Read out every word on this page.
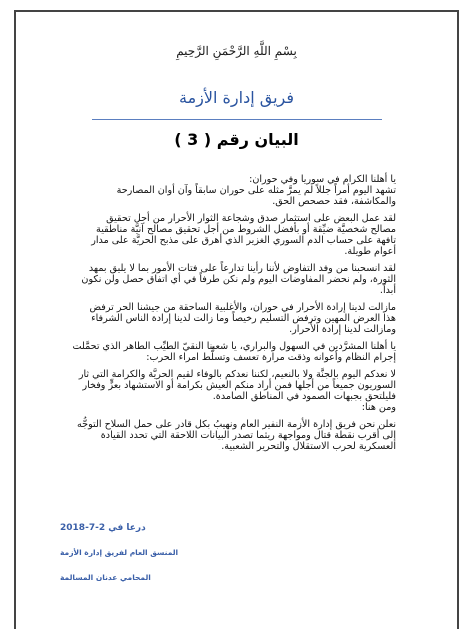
بِسْمِ اللَّهِ الرَّحْمَنِ الرَّحِيمِ
فريق إدارة الأزمة
البيان رقم ( 3 )

يا أهلنا الكرام في سوريا وفي حوران:
تشهد اليوم أمراً جللاً لم يمرَّ مثله على حوران سابقاً وآن أوان المصارحة
والمكاشفة، فقد حصحص الحق.

لقد عمل البعض على استثمار صدق وشجاعة الثوار الأحرار من أجل تحقيق
مصالح شخصيَّة ضيِّقة أو بأفضل الشروط من أجل تحقيق مصالح آنيَّة مناطقية
تافهة على حساب الدم السوري الغزير الذي أهرق على مذبح الحريَّة على مدار
أعوام طويلة.

لقد انسحبنا من وفد التفاوض لأننا رأينا تدارعاً على فتات الأمور بما لا يليق بمهد
الثورة، ولم نحضر المفاوضات اليوم ولم نكن طرفاً في أي اتفاق حصل ولن نكون
أبداً.

مازالت لدينا إرادة الأحرار في حوران، والأغلبية الساحقة من جيشنا الحر ترفض
هذا العرض المهين وترفض التسليم رخيصاً وما زالت لدينا إرادة الناس الشرفاء
ومازالت لدينا إرادة الأحرار.

يا أهلنا المشرَّدين في السهول والبراري، يا شعبنا النقيّ الطيِّب الطاهر الذي تحمَّلت
إجرام النظام وأعوانه وذقت مرارة تعسف وتسلُّط امراء الحرب:

لا نعدكم اليوم بالجنَّة ولا بالنعيم، لكننا نعدكم بالوفاء لقيم الحريَّة والكرامة التي ثار
السوريون جميعاً من أجلها فمن أراد منكم العيش بكرامة أو الاستشهاد بعزٍّ وفخار
فليلتحق بجبهات الصمود في المناطق الصامدة.
ومن هنا:

نعلن نحن فريق إدارة الأزمة النفير العام ونهيبُ بكل قادر على حمل السلاح التوجُّه
إلى أقرب نقطة قتال ومواجهة ريثما تصدر البيانات اللاحقة التي تحدد القيادة
العسكرية لحرب الاستقلال والتحرير الشعبية.

درعا في 2-7-2018
المنسق العام لفريق إدارة الأزمة
المحامي عدنان المسالمة
